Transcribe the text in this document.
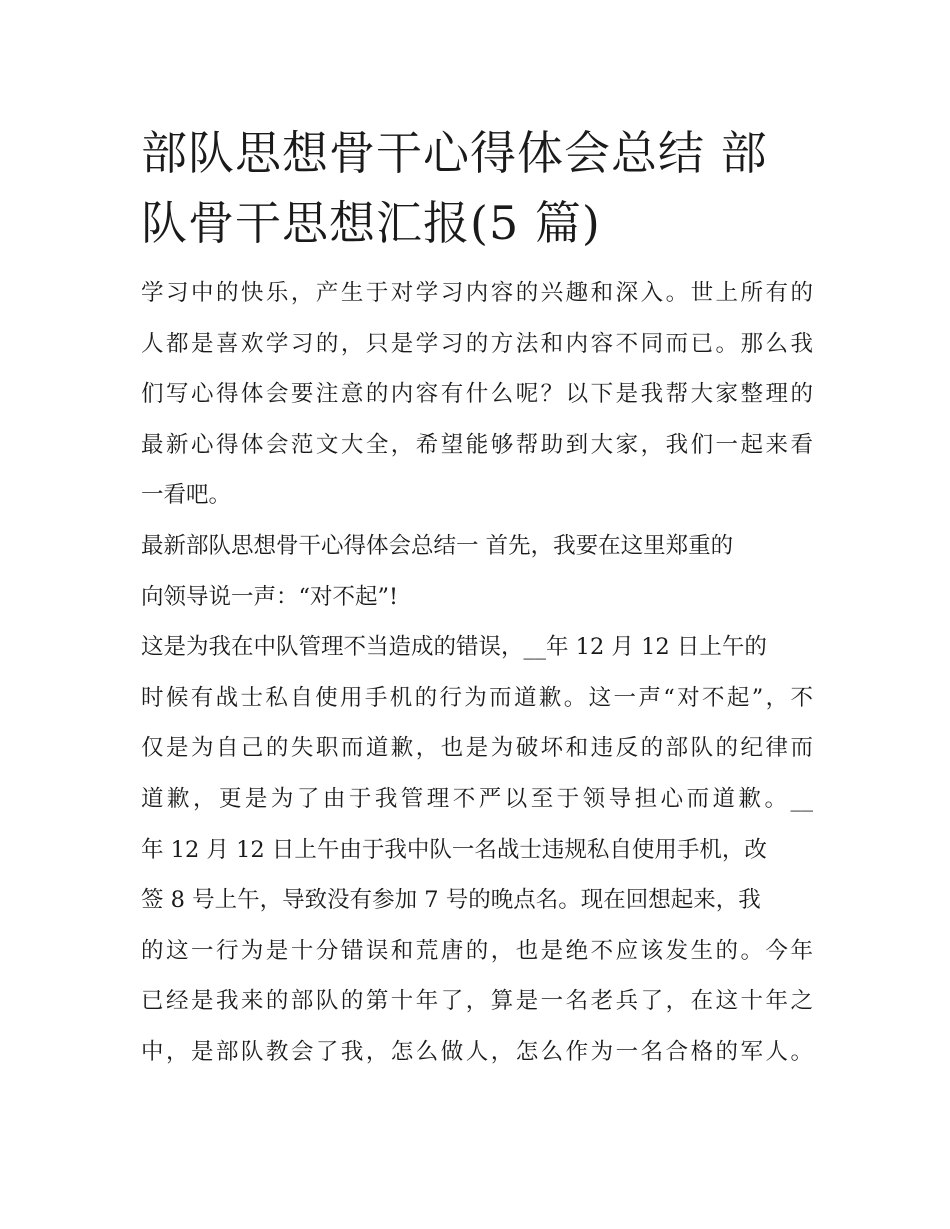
部队思想骨干心得体会总结 部
队骨干思想汇报(5 篇)
学习中的快乐，产生于对学习内容的兴趣和深入。世上所有的
人都是喜欢学习的，只是学习的方法和内容不同而已。那么我
们写心得体会要注意的内容有什么呢？以下是我帮大家整理的
最新心得体会范文大全，希望能够帮助到大家，我们一起来看
一看吧。
最新部队思想骨干心得体会总结一 首先，我要在这里郑重的
向领导说一声：“对不起”!
这是为我在中队管理不当造成的错误，__年 12 月 12 日上午的
时候有战士私自使用手机的行为而道歉。这一声“对不起”，不
仅是为自己的失职而道歉，也是为破坏和违反的部队的纪律而
道歉，更是为了由于我管理不严以至于领导担心而道歉。__
年 12 月 12 日上午由于我中队一名战士违规私自使用手机，改
签 8 号上午，导致没有参加 7 号的晚点名。现在回想起来，我
的这一行为是十分错误和荒唐的，也是绝不应该发生的。今年
已经是我来的部队的第十年了，算是一名老兵了，在这十年之
中，是部队教会了我，怎么做人，怎么作为一名合格的军人。
